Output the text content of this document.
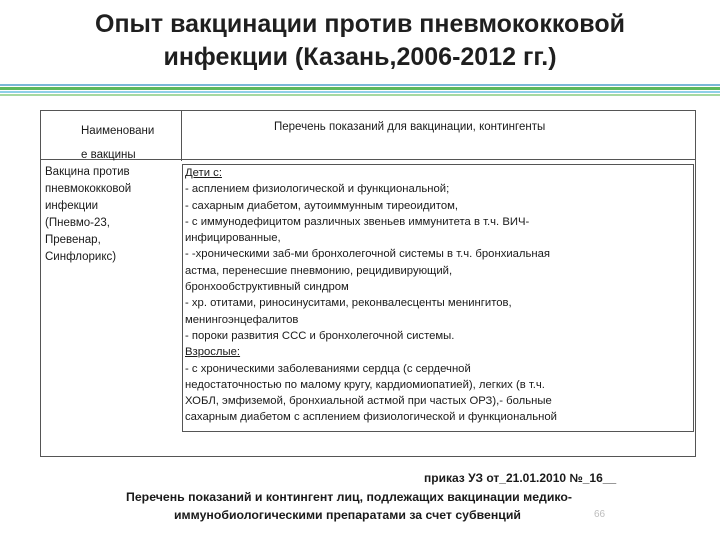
Опыт вакцинации против пневмококковой
инфекции (Казань,2006-2012 гг.)
Наименовани
е вакцины
Перечень показаний для вакцинации, контингенты
Вакцина против
пневмококковой
инфекции
(Пневмо-23,
Превенар,
Синфлорикс)
Дети с:
- асплением физиологической и функциональной;
- сахарным диабетом, аутоиммунным тиреоидитом,
- с иммунодефицитом различных звеньев иммунитета в т.ч. ВИЧ-
инфицированные,
- -хроническими заб-ми бронхолегочной системы в т.ч. бронхиальная
астма, перенесшие пневмонию, рецидивирующий,
бронхообструктивный синдром
- хр. отитами, риносинуситами, реконвалесценты менингитов,
менингоэнцефалитов
- пороки развития ССС и бронхолегочной системы.
Взрослые:
- с хроническими заболеваниями сердца (с сердечной
недостаточностью по малому кругу, кардиомиопатией), легких (в т.ч.
ХОБЛ, эмфиземой, бронхиальной астмой при частых ОРЗ),- больные
сахарным диабетом с асплением физиологической и функциональной
приказ УЗ от_21.01.2010 №_16__
Перечень показаний и контингент лиц, подлежащих вакцинации медико-
иммунобиологическими препаратами за счет субвенций	66
